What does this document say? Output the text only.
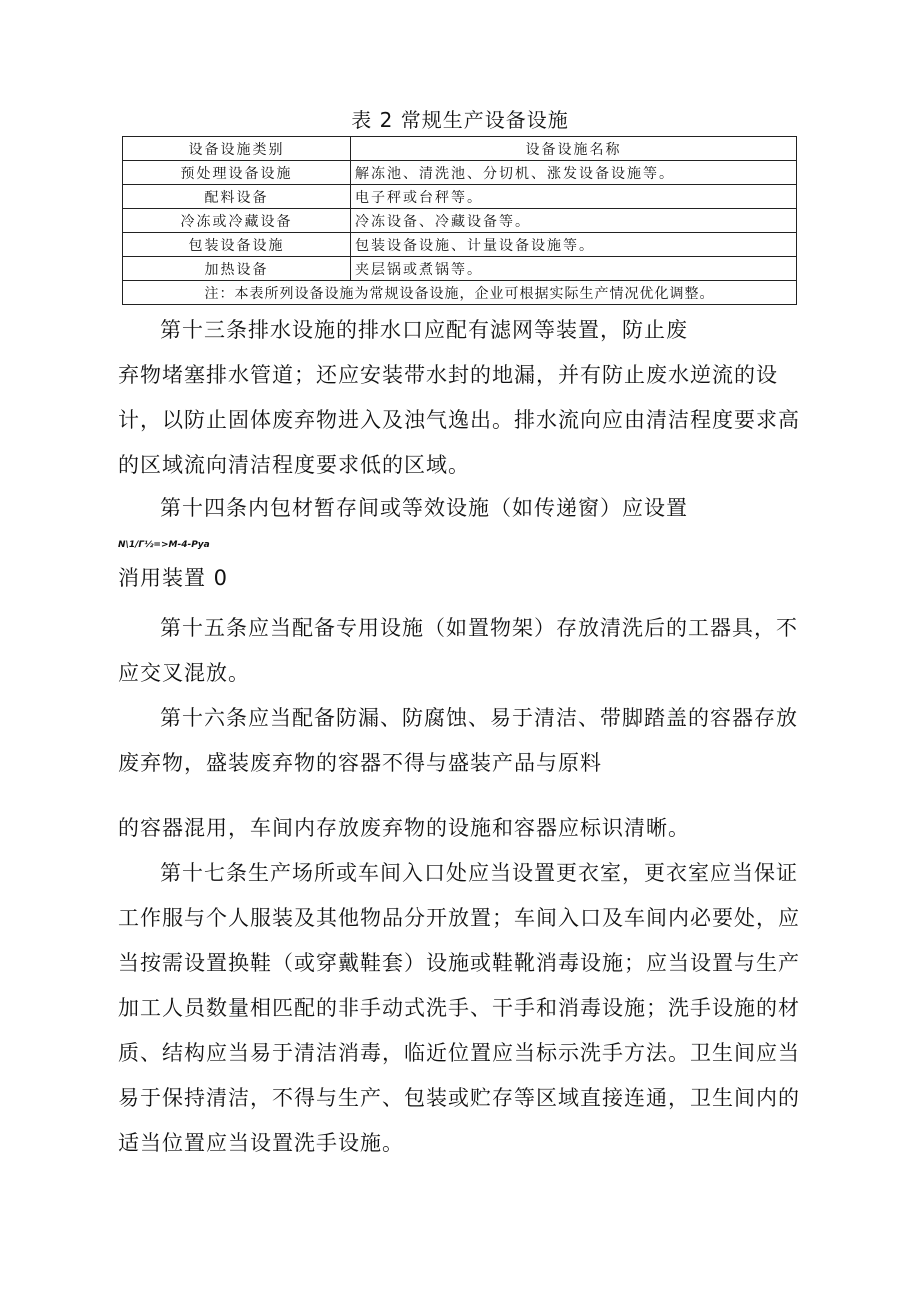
表 2 常规生产设备设施
设备设施类别	设备设施名称
预处理设备设施	解冻池、清洗池、分切机、涨发设备设施等。
配料设备	电子秤或台秤等。
冷冻或冷藏设备	冷冻设备、冷藏设备等。
包装设备设施	包装设备设施、计量设备设施等。
加热设备	夹层锅或煮锅等。
注：本表所列设备设施为常规设备设施，企业可根据实际生产情况优化调整。	
第十三条排水设施的排水口应配有滤网等装置，防止废
弃物堵塞排水管道；还应安装带水封的地漏，并有防止废水逆流的设计，以防止固体废弃物进入及浊气逸出。排水流向应由清洁程度要求高的区域流向清洁程度要求低的区域。
第十四条内包材暂存间或等效设施（如传递窗）应设置
N\1/Γ½=>M-4-Pya
消用装置 0
第十五条应当配备专用设施（如置物架）存放清洗后的工器具，不应交叉混放。
第十六条应当配备防漏、防腐蚀、易于清洁、带脚踏盖的容器存放废弃物，盛装废弃物的容器不得与盛装产品与原料
的容器混用，车间内存放废弃物的设施和容器应标识清晰。
第十七条生产场所或车间入口处应当设置更衣室，更衣室应当保证工作服与个人服装及其他物品分开放置；车间入口及车间内必要处，应当按需设置换鞋（或穿戴鞋套）设施或鞋靴消毒设施；应当设置与生产加工人员数量相匹配的非手动式洗手、干手和消毒设施；洗手设施的材质、结构应当易于清洁消毒，临近位置应当标示洗手方法。卫生间应当易于保持清洁，不得与生产、包装或贮存等区域直接连通，卫生间内的适当位置应当设置洗手设施。
